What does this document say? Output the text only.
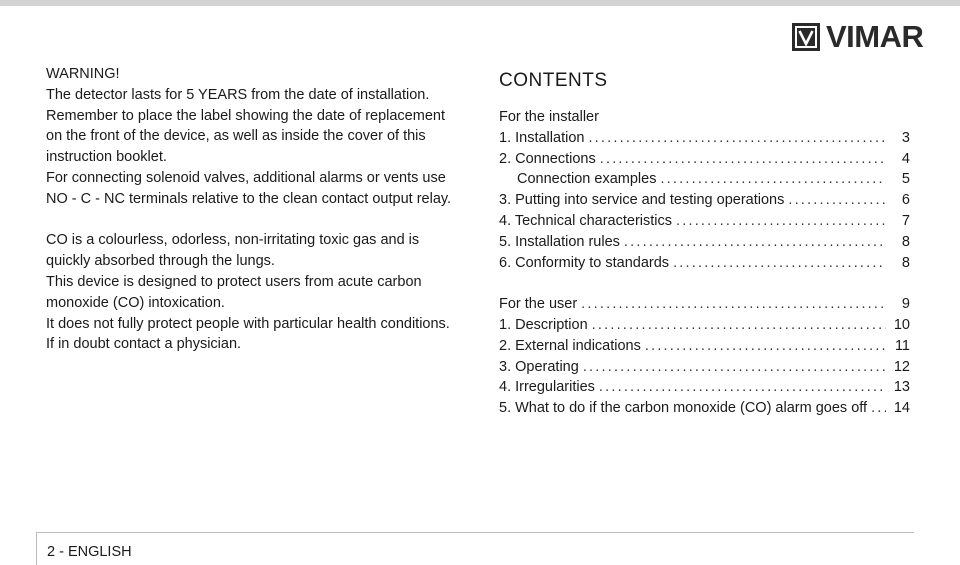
VIMAR

WARNING!

The detector lasts for 5 YEARS from the date of installation.

Remember to place the label showing the date of replacement

on the front of the device, as well as inside the cover of this

instruction booklet.

For connecting solenoid valves, additional alarms or vents use

NO - C - NC terminals relative to the clean contact output relay.

CO is a colourless, odorless, non-irritating toxic gas and is

quickly absorbed through the lungs.

This device is designed to protect users from acute carbon

monoxide (CO) intoxication.

It does not fully protect people with particular health conditions.

If in doubt contact a physician.

CONTENTS
For the installer
1. Installation .....	3
2. Connections .....	4
Connection examples .....	5
3. Putting into service and testing operations .....	6
4. Technical characteristics .....	7
5. Installation rules .....	8
6. Conformity to standards .....	8
For the user .....	9
1. Description .....	10
2. External indications .....	11
3. Operating .....	12
4. Irregularities .....	13
5. What to do if the carbon monoxide (CO) alarm goes off ..... 14
2 - ENGLISH
